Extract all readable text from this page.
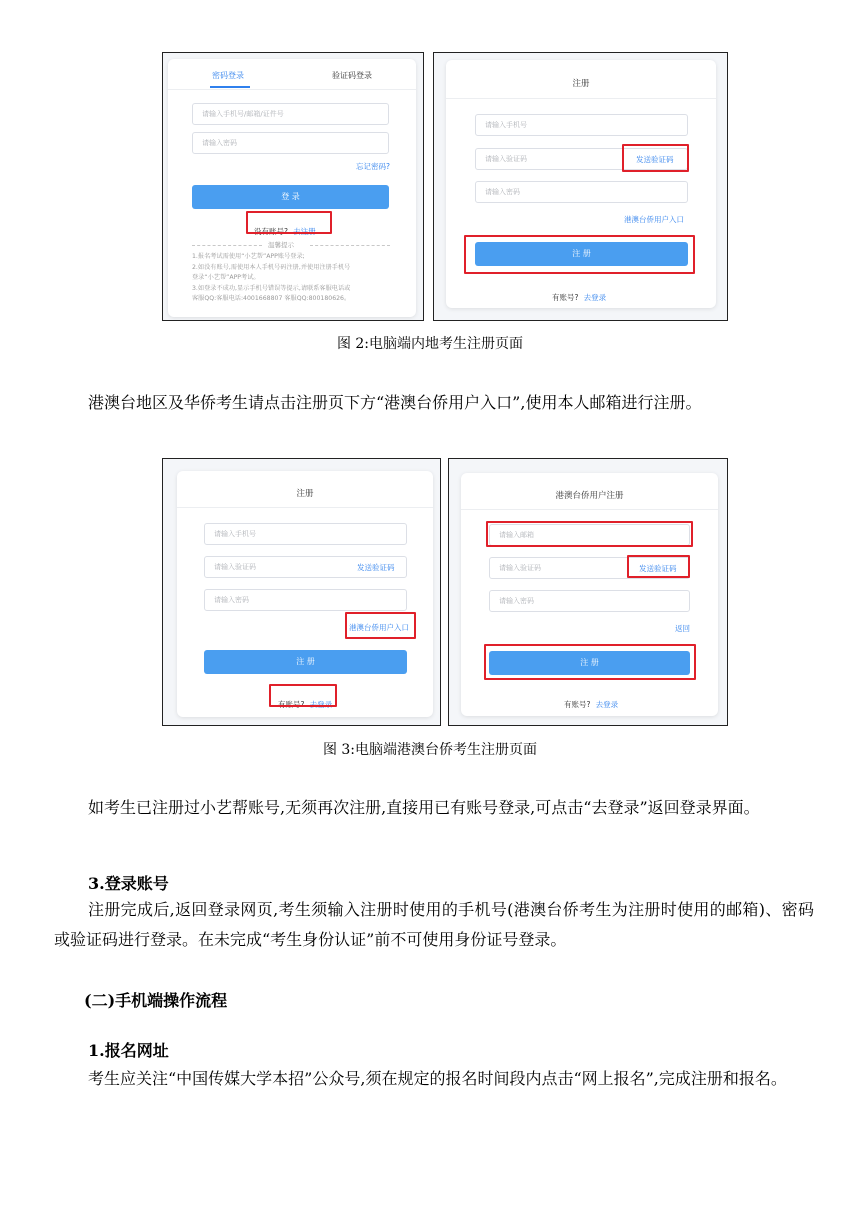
密码登录	验证码登录
请输入手机号/邮箱/证件号
请输入密码
忘记密码?
登 录
没有账号? 去注册
温馨提示
1.报名考试需使用“小艺帮”APP账号登录;
2.如没有账号,需使用本人手机号码注册,并使用注册手机号
登录“小艺帮”APP考试。
3.如登录不成功,显示手机号错误等提示,请联系客服电话或
客服QQ:客服电话:4001668807 客服QQ:800180626。
注册
请输入手机号
请输入验证码	发送验证码
请输入密码
港澳台侨用户入口
注 册
有账号? 去登录
图 2:电脑端内地考生注册页面
港澳台地区及华侨考生请点击注册页下方“港澳台侨用户入口”,使用本人邮箱进行注册。
注册
请输入手机号
请输入验证码	发送验证码
请输入密码
港澳台侨用户入口
注 册
有账号? 去登录
港澳台侨用户注册
请输入邮箱
请输入验证码	发送验证码
请输入密码
返回
注 册
有账号? 去登录
图 3:电脑端港澳台侨考生注册页面
如考生已注册过小艺帮账号,无须再次注册,直接用已有账号登录,可点击“去登录”返回登录界面。
3.登录账号
注册完成后,返回登录网页,考生须输入注册时使用的手机号(港澳台侨考生为注册时使用的邮箱)、密码或验证码进行登录。在未完成“考生身份认证”前不可使用身份证号登录。
(二)手机端操作流程
1.报名网址
考生应关注“中国传媒大学本招”公众号,须在规定的报名时间段内点击“网上报名”,完成注册和报名。
